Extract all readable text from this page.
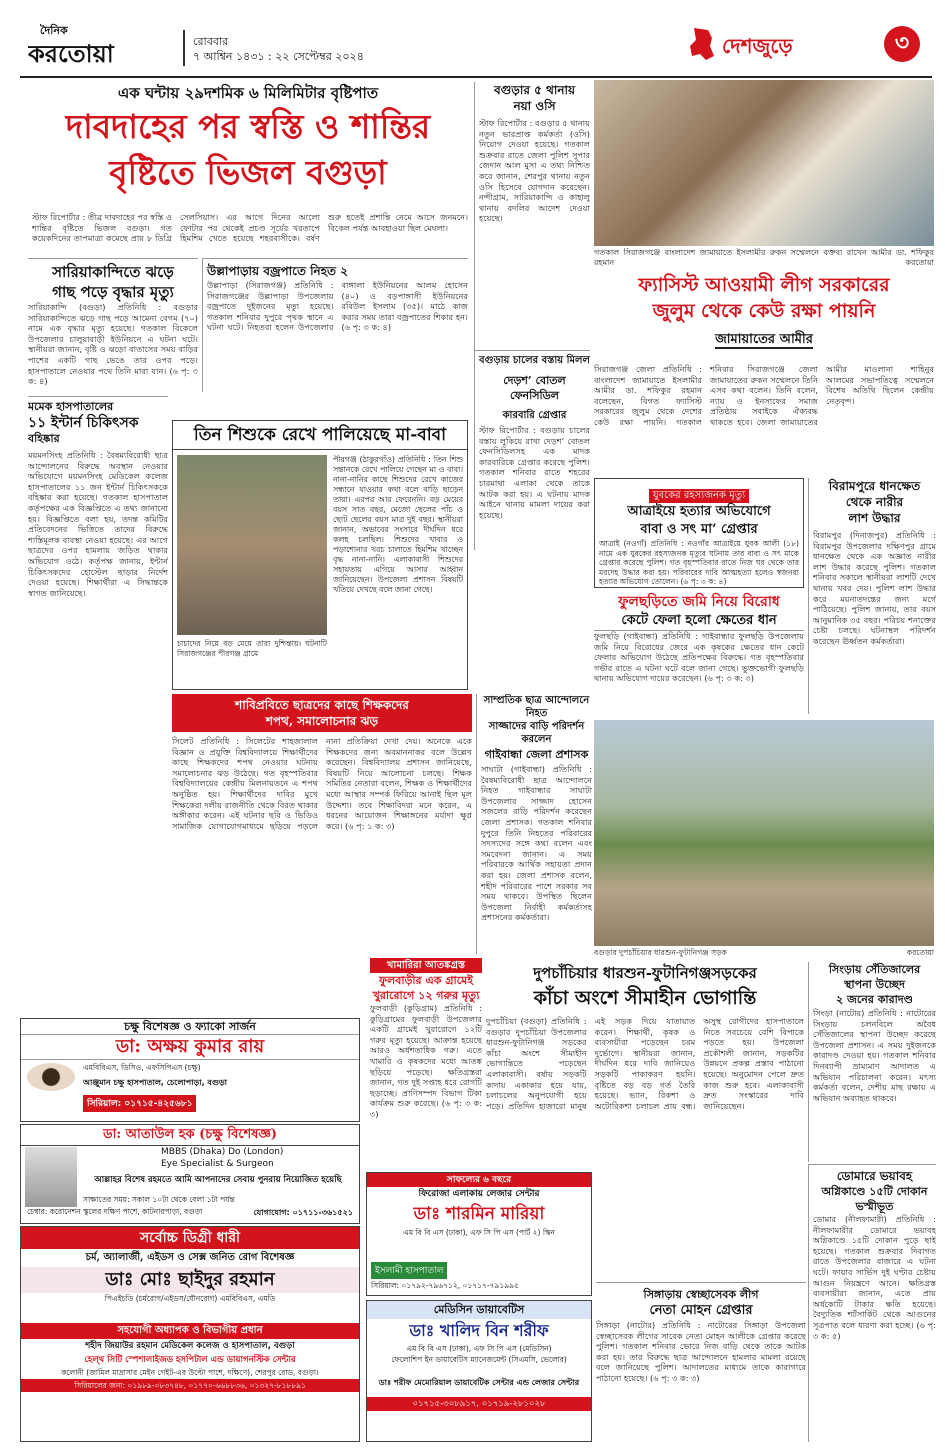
দৈনিক
করতোয়া	রোববার
৭ আশ্বিন ১৪৩১ : ২২ সেপ্টেম্বর ২০২৪	দেশজুড়ে	৩
এক ঘন্টায় ২৯দশমিক ৬ মিলিমিটার বৃষ্টিপাত
দাবদাহের পর স্বস্তি ও শান্তির
বৃষ্টিতে ভিজল বগুড়া
স্টাফ রিপোর্টার : তীব্র দাবদাহের পর স্বস্তি ও শান্তির বৃষ্টিতে ভিজল বগুড়া। গত কয়েকদিনের তাপমাত্রা কমেছে প্রায় ৮ ডিগ্রি সেলসিয়াস। এর আগে দিনের আলো ফোটার পর থেকেই প্রচণ্ড সূর্যের খরতাপে হিমশিম খেতে হয়েছে শহরবাসীকে। বর্ষণ শুরু হতেই প্রশান্তি নেমে আসে জনমনে। বিকেল পর্যন্ত আবহাওয়া ছিল মেঘলা।
বগুড়ার ৫ থানায়
নয়া ওসি
স্টাফ রিপোর্টার : বগুড়ার ৫ থানায় নতুন ভারপ্রাপ্ত কর্মকর্তা (ওসি) নিয়োগ দেওয়া হয়েছে। গতকাল শুক্রবার রাতে জেলা পুলিশ সুপার জেদান আল মুসা এ তথ্য নিশ্চিত করে জানান, শেরপুর থানায় নতুন ওসি হিসেবে যোগদান করেছেন। নন্দীগ্রাম, সারিয়াকান্দি ও কাহালু থানায় বদলির আদেশ দেওয়া হয়েছে।
বগুড়ায় চালের বস্তায় মিলল
দেড়শ’ বোতল ফেনসিডিল
কারবারি গ্রেপ্তার
স্টাফ রিপোর্টার : বগুড়ায় চালের বস্তায় লুকিয়ে রাখা দেড়শ’ বোতল ফেনসিডিলসহ এক মাদক কারবারিকে গ্রেপ্তার করেছে পুলিশ। গতকাল শনিবার রাতে শহরের চারমাথা এলাকা থেকে তাকে আটক করা হয়। এ ঘটনায় মাদক আইনে থানায় মামলা দায়ের করা হয়েছে।
গতকাল সিরাজগঞ্জে বাংলাদেশ জামায়াতে ইসলামীর রুকন সম্মেলনে বক্তব্য রাখেন আমীর ডা. শফিকুর রহমান	করতোয়া
ফ্যাসিস্ট আওয়ামী লীগ সরকারের
জুলুম থেকে কেউ রক্ষা পায়নি
জামায়াতের আমীর
সিরাজগঞ্জ জেলা প্রতিনিধি : বাংলাদেশ জামায়াতে ইসলামীর আমীর ডা. শফিকুর রহমান বলেছেন, বিগত ফ্যাসিস্ট সরকারের জুলুম থেকে দেশের কেউ রক্ষা পায়নি। গতকাল শনিবার সিরাজগঞ্জে জেলা জামায়াতের রুকন সম্মেলনে তিনি এসব কথা বলেন। তিনি বলেন, ন্যায় ও ইনসাফের সমাজ প্রতিষ্ঠায় সবাইকে ঐক্যবদ্ধ থাকতে হবে। জেলা জামায়াতের আমীর মাওলানা শাহিনুর আলমের সভাপতিত্বে সম্মেলনে বিশেষ অতিথি ছিলেন কেন্দ্রীয় নেতৃবৃন্দ।
সারিয়াকান্দিতে ঝড়ে
গাছ পড়ে বৃদ্ধার মৃত্যু
সারিয়াকান্দি (বগুড়া) প্রতিনিধি : বগুড়ার সারিয়াকান্দিতে ঝড়ে গাছ পড়ে আমেনা বেগম (৭০) নামে এক বৃদ্ধার মৃত্যু হয়েছে। গতকাল বিকেলে উপজেলার চালুয়াবাড়ী ইউনিয়নে এ ঘটনা ঘটে। স্থানীয়রা জানান, বৃষ্টি ও ঝড়ো বাতাসের সময় বাড়ির পাশের একটি গাছ ভেঙে তার ওপর পড়ে। হাসপাতালে নেওয়ার পথে তিনি মারা যান। (৬ পৃ: ৩ ক: ৪)
উল্লাপাড়ায় বজ্রপাতে নিহত ২
উল্লাপাড়া (সিরাজগঞ্জ) প্রতিনিধি : সিরাজগঞ্জের উল্লাপাড়া উপজেলায় বজ্রপাতে দুইজনের মৃত্যু হয়েছে। গতকাল শনিবার দুপুরে পৃথক স্থানে এ ঘটনা ঘটে। নিহতরা হলেন উপজেলার বাঙ্গালা ইউনিয়নের আলম হোসেন (৪০) ও বড়পাঙ্গাসী ইউনিয়নের রবিউল ইসলাম (৩৫)। মাঠে কাজ করার সময় তারা বজ্রপাতের শিকার হন। (৬ পৃ: ৩ ক: ৪)
মমেক হাসপাতালের
১১ ইন্টার্ন চিকিৎসক
বহিষ্কার
ময়মনসিংহ প্রতিনিধি : বৈষম্যবিরোধী ছাত্র আন্দোলনের বিরুদ্ধে অবস্থান নেওয়ার অভিযোগে ময়মনসিংহ মেডিকেল কলেজ হাসপাতালের ১১ জন ইন্টার্ন চিকিৎসককে বহিষ্কার করা হয়েছে। গতকাল হাসপাতাল কর্তৃপক্ষের এক বিজ্ঞপ্তিতে এ তথ্য জানানো হয়। বিজ্ঞপ্তিতে বলা হয়, তদন্ত কমিটির প্রতিবেদনের ভিত্তিতে তাদের বিরুদ্ধে শাস্তিমূলক ব্যবস্থা নেওয়া হয়েছে। এর আগে ছাত্রদের ওপর হামলায় জড়িত থাকার অভিযোগ ওঠে। কর্তৃপক্ষ জানায়, ইন্টার্ন চিকিৎসকদের হোস্টেল ছাড়ার নির্দেশ দেওয়া হয়েছে। শিক্ষার্থীরা এ সিদ্ধান্তকে স্বাগত জানিয়েছে।
তিন শিশুকে রেখে পালিয়েছে মা-বাবা
চাচাদের নিয়ে বড় মেয়ে তারা দুশ্চিন্তায়। ঘটনাটি সিরাজগঞ্জের পীরগঞ্জ গ্রামে
পীরগঞ্জ (ঠাকুরগাঁও) প্রতিনিধি : তিন শিশু সন্তানকে রেখে পালিয়ে গেছেন মা ও বাবা। নানা-নানির কাছে শিশুদের রেখে কাজের সন্ধানে যাওয়ার কথা বলে বাড়ি ছাড়েন তারা। এরপর আর ফেরেননি। বড় মেয়ের বয়স সাত বছর, মেজো ছেলের পাঁচ ও ছোট ছেলের বয়স মাত্র দুই বছর। স্থানীয়রা জানান, অভাবের সংসারে দীর্ঘদিন ধরে কলহ চলছিল। শিশুদের খাবার ও পড়াশোনার খরচ চালাতে হিমশিম খাচ্ছেন বৃদ্ধ নানা-নানি। এলাকাবাসী শিশুদের সহায়তায় এগিয়ে আসার আহ্বান জানিয়েছেন। উপজেলা প্রশাসন বিষয়টি খতিয়ে দেখছে বলে জানা গেছে।
যুবকের রহস্যজনক মৃত্যু
আত্রাইয়ে হত্যার অভিযোগে
বাবা ও সৎ মা’ গ্রেপ্তার
আত্রাই (নওগাঁ) প্রতিনিধি : নওগাঁর আত্রাইয়ে যুবক আলী (১৮) নামে এক যুবকের রহস্যজনক মৃত্যুর ঘটনায় তার বাবা ও সৎ মাকে গ্রেপ্তার করেছে পুলিশ। গত বৃহস্পতিবার রাতে নিজ ঘর থেকে তার মরদেহ উদ্ধার করা হয়। পরিবারের দাবি আত্মহত্যা হলেও স্বজনরা হত্যার অভিযোগ তোলেন। (৬ পৃ: ৩ ক: ৪)
বিরামপুরে ধানক্ষেত
থেকে নারীর
লাশ উদ্ধার
বিরামপুর (দিনাজপুর) প্রতিনিধি : বিরামপুর উপজেলার দক্ষিণপুর গ্রামে ধানক্ষেত থেকে এক অজ্ঞাত নারীর লাশ উদ্ধার করেছে পুলিশ। গতকাল শনিবার সকালে স্থানীয়রা লাশটি দেখে থানায় খবর দেয়। পুলিশ লাশ উদ্ধার করে ময়নাতদন্তের জন্য মর্গে পাঠিয়েছে। পুলিশ জানায়, তার বয়স আনুমানিক ৩৫ বছর। পরিচয় শনাক্তের চেষ্টা চলছে। ঘটনাস্থল পরিদর্শন করেছেন ঊর্ধ্বতন কর্মকর্তারা।
ফুলছড়িতে জমি নিয়ে বিরোধ
কেটে ফেলা হলো ক্ষেতের ধান
ফুলছড়ি (গাইবান্ধা) প্রতিনিধি : গাইবান্ধার ফুলছড়ি উপজেলায় জমি নিয়ে বিরোধের জেরে এক কৃষকের ক্ষেতের ধান কেটে ফেলার অভিযোগ উঠেছে প্রতিপক্ষের বিরুদ্ধে। গত বৃহস্পতিবার গভীর রাতে এ ঘটনা ঘটে বলে জানা গেছে। ভুক্তভোগী ফুলছড়ি থানায় অভিযোগ দায়ের করেছেন। (৬ পৃ: ৩ ক: ৩)
শাবিপ্রবিতে ছাত্রদের কাছে শিক্ষকদের
শপথ, সমালোচনার ঝড়
সিলেট প্রতিনিধি : সিলেটের শাহজালাল বিজ্ঞান ও প্রযুক্তি বিশ্ববিদ্যালয়ে শিক্ষার্থীদের কাছে শিক্ষকদের শপথ নেওয়ার ঘটনায় সমালোচনার ঝড় উঠেছে। গত বৃহস্পতিবার বিশ্ববিদ্যালয়ের কেন্দ্রীয় মিলনায়তনে এ শপথ অনুষ্ঠিত হয়। শিক্ষার্থীদের দাবির মুখে শিক্ষকেরা দলীয় রাজনীতি থেকে বিরত থাকার অঙ্গীকার করেন। এই ঘটনার ছবি ও ভিডিও সামাজিক যোগাযোগমাধ্যমে ছড়িয়ে পড়লে নানা প্রতিক্রিয়া দেখা দেয়। অনেকে একে শিক্ষকদের জন্য অবমাননাকর বলে উল্লেখ করেছেন। বিশ্ববিদ্যালয় প্রশাসন জানিয়েছে, বিষয়টি নিয়ে আলোচনা চলছে। শিক্ষক সমিতির নেতারা বলেন, শিক্ষক ও শিক্ষার্থীদের মধ্যে আস্থার সম্পর্ক ফিরিয়ে আনাই ছিল মূল উদ্দেশ্য। তবে শিক্ষাবিদরা মনে করেন, এ ধরনের আয়োজন শিক্ষাঙ্গনের মর্যাদা ক্ষুণ্ণ করে। (৬ পৃ: ১ ক: ৩)
সাম্প্রতিক ছাত্র আন্দোলনে নিহত
সাজ্জাদের বাড়ি পরিদর্শন করলেন
গাইবান্ধা জেলা প্রশাসক
সাঘাটা (গাইবান্ধা) প্রতিনিধি : বৈষম্যবিরোধী ছাত্র আন্দোলনে নিহত গাইবান্ধার সাঘাটা উপজেলার সাজ্জাদ হোসেন সজলের বাড়ি পরিদর্শন করেছেন জেলা প্রশাসক। গতকাল শনিবার দুপুরে তিনি নিহতের পরিবারের সদস্যদের সঙ্গে কথা বলেন এবং সমবেদনা জানান। এ সময় পরিবারকে আর্থিক সহায়তা প্রদান করা হয়। জেলা প্রশাসক বলেন, শহীদ পরিবারের পাশে সরকার সব সময় থাকবে। উপস্থিত ছিলেন উপজেলা নির্বাহী কর্মকর্তাসহ প্রশাসনের কর্মকর্তারা।
বগুড়ার দুপচাঁচিয়ার ধারশুন-ফুটানিগঞ্জ সড়ক	করতোয়া
খামারিরা আতঙ্কগ্রস্ত
ফুলবাড়ীর এক গ্রামেই
খুরারোগে ১২ গরুর মৃত্যু
ফুলবাড়ী (কুড়িগ্রাম) প্রতিনিধি : কুড়িগ্রামের ফুলবাড়ী উপজেলার একটি গ্রামেই খুরারোগে ১২টি গরুর মৃত্যু হয়েছে। আক্রান্ত হয়েছে আরও অর্ধশতাধিক গরু। এতে খামারি ও কৃষকদের মধ্যে আতঙ্ক ছড়িয়ে পড়েছে। ক্ষতিগ্রস্তরা জানান, গত দুই সপ্তাহ ধরে রোগটি ছড়াচ্ছে। প্রাণিসম্পদ বিভাগ টিকা কার্যক্রম শুরু করেছে। (৬ পৃ: ৩ ক: ৩)
দুপচাঁচিয়ার ধারশুন-ফুটানিগঞ্জসড়কের
কাঁচা অংশে সীমাহীন ভোগান্তি
দুপচাঁচিয়া (বগুড়া) প্রতিনিধি : বগুড়ার দুপচাঁচিয়া উপজেলার ধারশুন-ফুটানিগঞ্জ সড়কের কাঁচা অংশে সীমাহীন ভোগান্তিতে পড়েছেন এলাকাবাসী। বর্ষায় সড়কটি কাদায় একাকার হয়ে যায়, চলাচলের অনুপযোগী হয়ে পড়ে। প্রতিদিন হাজারো মানুষ এই সড়ক দিয়ে যাতায়াত করেন। শিক্ষার্থী, কৃষক ও ব্যবসায়ীরা পড়েছেন চরম দুর্ভোগে। স্থানীয়রা জানান, দীর্ঘদিন ধরে দাবি জানিয়েও সড়কটি পাকাকরণ হয়নি। বৃষ্টিতে বড় বড় গর্ত তৈরি হয়েছে। ভ্যান, রিকশা ও অটোরিকশা চলাচল প্রায় বন্ধ। অসুস্থ রোগীদের হাসপাতালে নিতে সবচেয়ে বেশি বিপাকে পড়তে হয়। উপজেলা প্রকৌশলী জানান, সড়কটির উন্নয়নে প্রকল্প প্রস্তাব পাঠানো হয়েছে। অনুমোদন পেলে দ্রুত কাজ শুরু হবে। এলাকাবাসী দ্রুত সংস্কারের দাবি জানিয়েছেন।
সিঙ্গাড়ায় স্বেচ্ছাসেবক লীগ
নেতা মোহন গ্রেপ্তার
সিঙ্গাড়া (নাটোর) প্রতিনিধি : নাটোরের সিঙ্গাড়া উপজেলা স্বেচ্ছাসেবক লীগের সাবেক নেতা মোহন আলীকে গ্রেপ্তার করেছে পুলিশ। গতকাল শনিবার ভোরে নিজ বাড়ি থেকে তাকে আটক করা হয়। তার বিরুদ্ধে ছাত্র আন্দোলনে হামলার মামলা রয়েছে বলে জানিয়েছে পুলিশ। আদালতের মাধ্যমে তাকে কারাগারে পাঠানো হয়েছে। (৬ পৃ: ৩ ক: ৩)
সিংড়ায় সেঁতিজালের
স্থাপনা উচ্ছেদ
২ জনের কারাদণ্ড
সিংড়া (নাটোর) প্রতিনিধি : নাটোরের সিংড়ায় চলনবিলে অবৈধ সেঁতিজালের স্থাপনা উচ্ছেদ করেছে উপজেলা প্রশাসন। এ সময় দুইজনকে কারাদণ্ড দেওয়া হয়। গতকাল শনিবার দিনব্যাপী ভ্রাম্যমাণ আদালত এ অভিযান পরিচালনা করেন। মৎস্য কর্মকর্তা বলেন, দেশীয় মাছ রক্ষায় এ অভিযান অব্যাহত থাকবে।
ডোমারে ভয়াবহ
অগ্নিকাণ্ডে ১৫টি দোকান
ভস্মীভূত
ডোমার (নীলফামারী) প্রতিনিধি : নীলফামারীর ডোমারে ভয়াবহ অগ্নিকাণ্ডে ১৫টি দোকান পুড়ে ছাই হয়েছে। গতকাল শুক্রবার দিবাগত রাতে উপজেলার বাজারে এ ঘটনা ঘটে। ফায়ার সার্ভিস দুই ঘণ্টার চেষ্টায় আগুন নিয়ন্ত্রণে আনে। ক্ষতিগ্রস্ত ব্যবসায়ীরা জানান, এতে প্রায় অর্ধকোটি টাকার ক্ষতি হয়েছে। বৈদ্যুতিক শর্টসার্কিট থেকে আগুনের সূত্রপাত বলে ধারণা করা হচ্ছে। (৬ পৃ: ৩ ক: ৫)
চক্ষু বিশেষজ্ঞ ও ফ্যাকো সার্জন
ডা: অক্ষয় কুমার রায়
এমবিবিএস, ডিসিও, এফসিপিএস (চক্ষু)
আঞ্জুমান চক্ষু হাসপাতাল, চেলোপাড়া, বগুড়া
সিরিয়াল: ০১৭১৫-৪২৫৬৮১
ডা: আতাউল হক (চক্ষু বিশেষজ্ঞ)
MBBS (Dhaka) Do (London)
Eye Specialist & Surgeon
আল্লাহর বিশেষ রহমতে আমি আপনাদের সেবায় পুনরায় নিয়োজিত হয়েছি
সাক্ষাতের সময়: সকাল ১০টা থেকে বেলা ১টা পর্যন্ত
চেম্বার: করোনেশন স্কুলের দক্ষিণ পাশে, কাটনারপাড়া, বগুড়া	যোগাযোগ: ০১৭১১-৩৬১৫২১
সর্বোচ্চ ডিগ্রী ধারী
চর্ম, অ্যালার্জী, এইডস ও সেক্স জনিত রোগ বিশেষজ্ঞ
ডাঃ মোঃ ছাইদুর রহমান
পিএইচডি (চর্মরোগ/এইডস/যৌনরোগ) এমবিবিএস, এমডি
সহযোগী অধ্যাপক ও বিভাগীয় প্রধান
শহীদ জিয়াউর রহমান মেডিকেল কলেজ ও হাসপাতাল, বগুড়া
হেল্থ সিটি স্পেশালাইজড হসপিটাল এন্ড ডায়াগনস্টিক সেন্টার
কলোনী (জামিল মাদ্রাসার মেইন গেইট-এর উল্টো পাশে, দক্ষিণে), শেরপুর রোড, বগুড়া।
সিরিয়ালের জন্য: ০১৯৮৯-০৮৩৭৪৮, ০১৭৭০-৬৬৮৮৩৬, ০১৩২৭-৮১৮৮৯১
সাফল্যের ৬ বছরে
ফিরোজা এলাকায় লেজার সেন্টার
ডাঃ শারমিন মারিয়া
এম বি বি এস (ঢাকা), এফ সি পি এস (পার্ট ২) স্কিন
ইসলামী হাসপাতাল
সিরিয়াল: ০১৭৯২-৭৯৬৭১২, ০১৭১৭-৭৯১৯৯৫
মেডিসিন ডায়াবেটিস
ডাঃ খালিদ বিন শরীফ
এম বি বি এস (ঢাকা), এফ সি পি এস (মেডিসিন)
ফেলোশিপ ইন ডায়াবেটিস ম্যানেজমেন্ট (সিএমসি, ভেলোর)
ডাঃ শরীফ মেমোরিয়াল ডায়াবেটিক সেন্টার এন্ড লেজার সেন্টার
০১৭১৫-৩০৮৯১৭, ০১৭১৯-২৮১০২৮
